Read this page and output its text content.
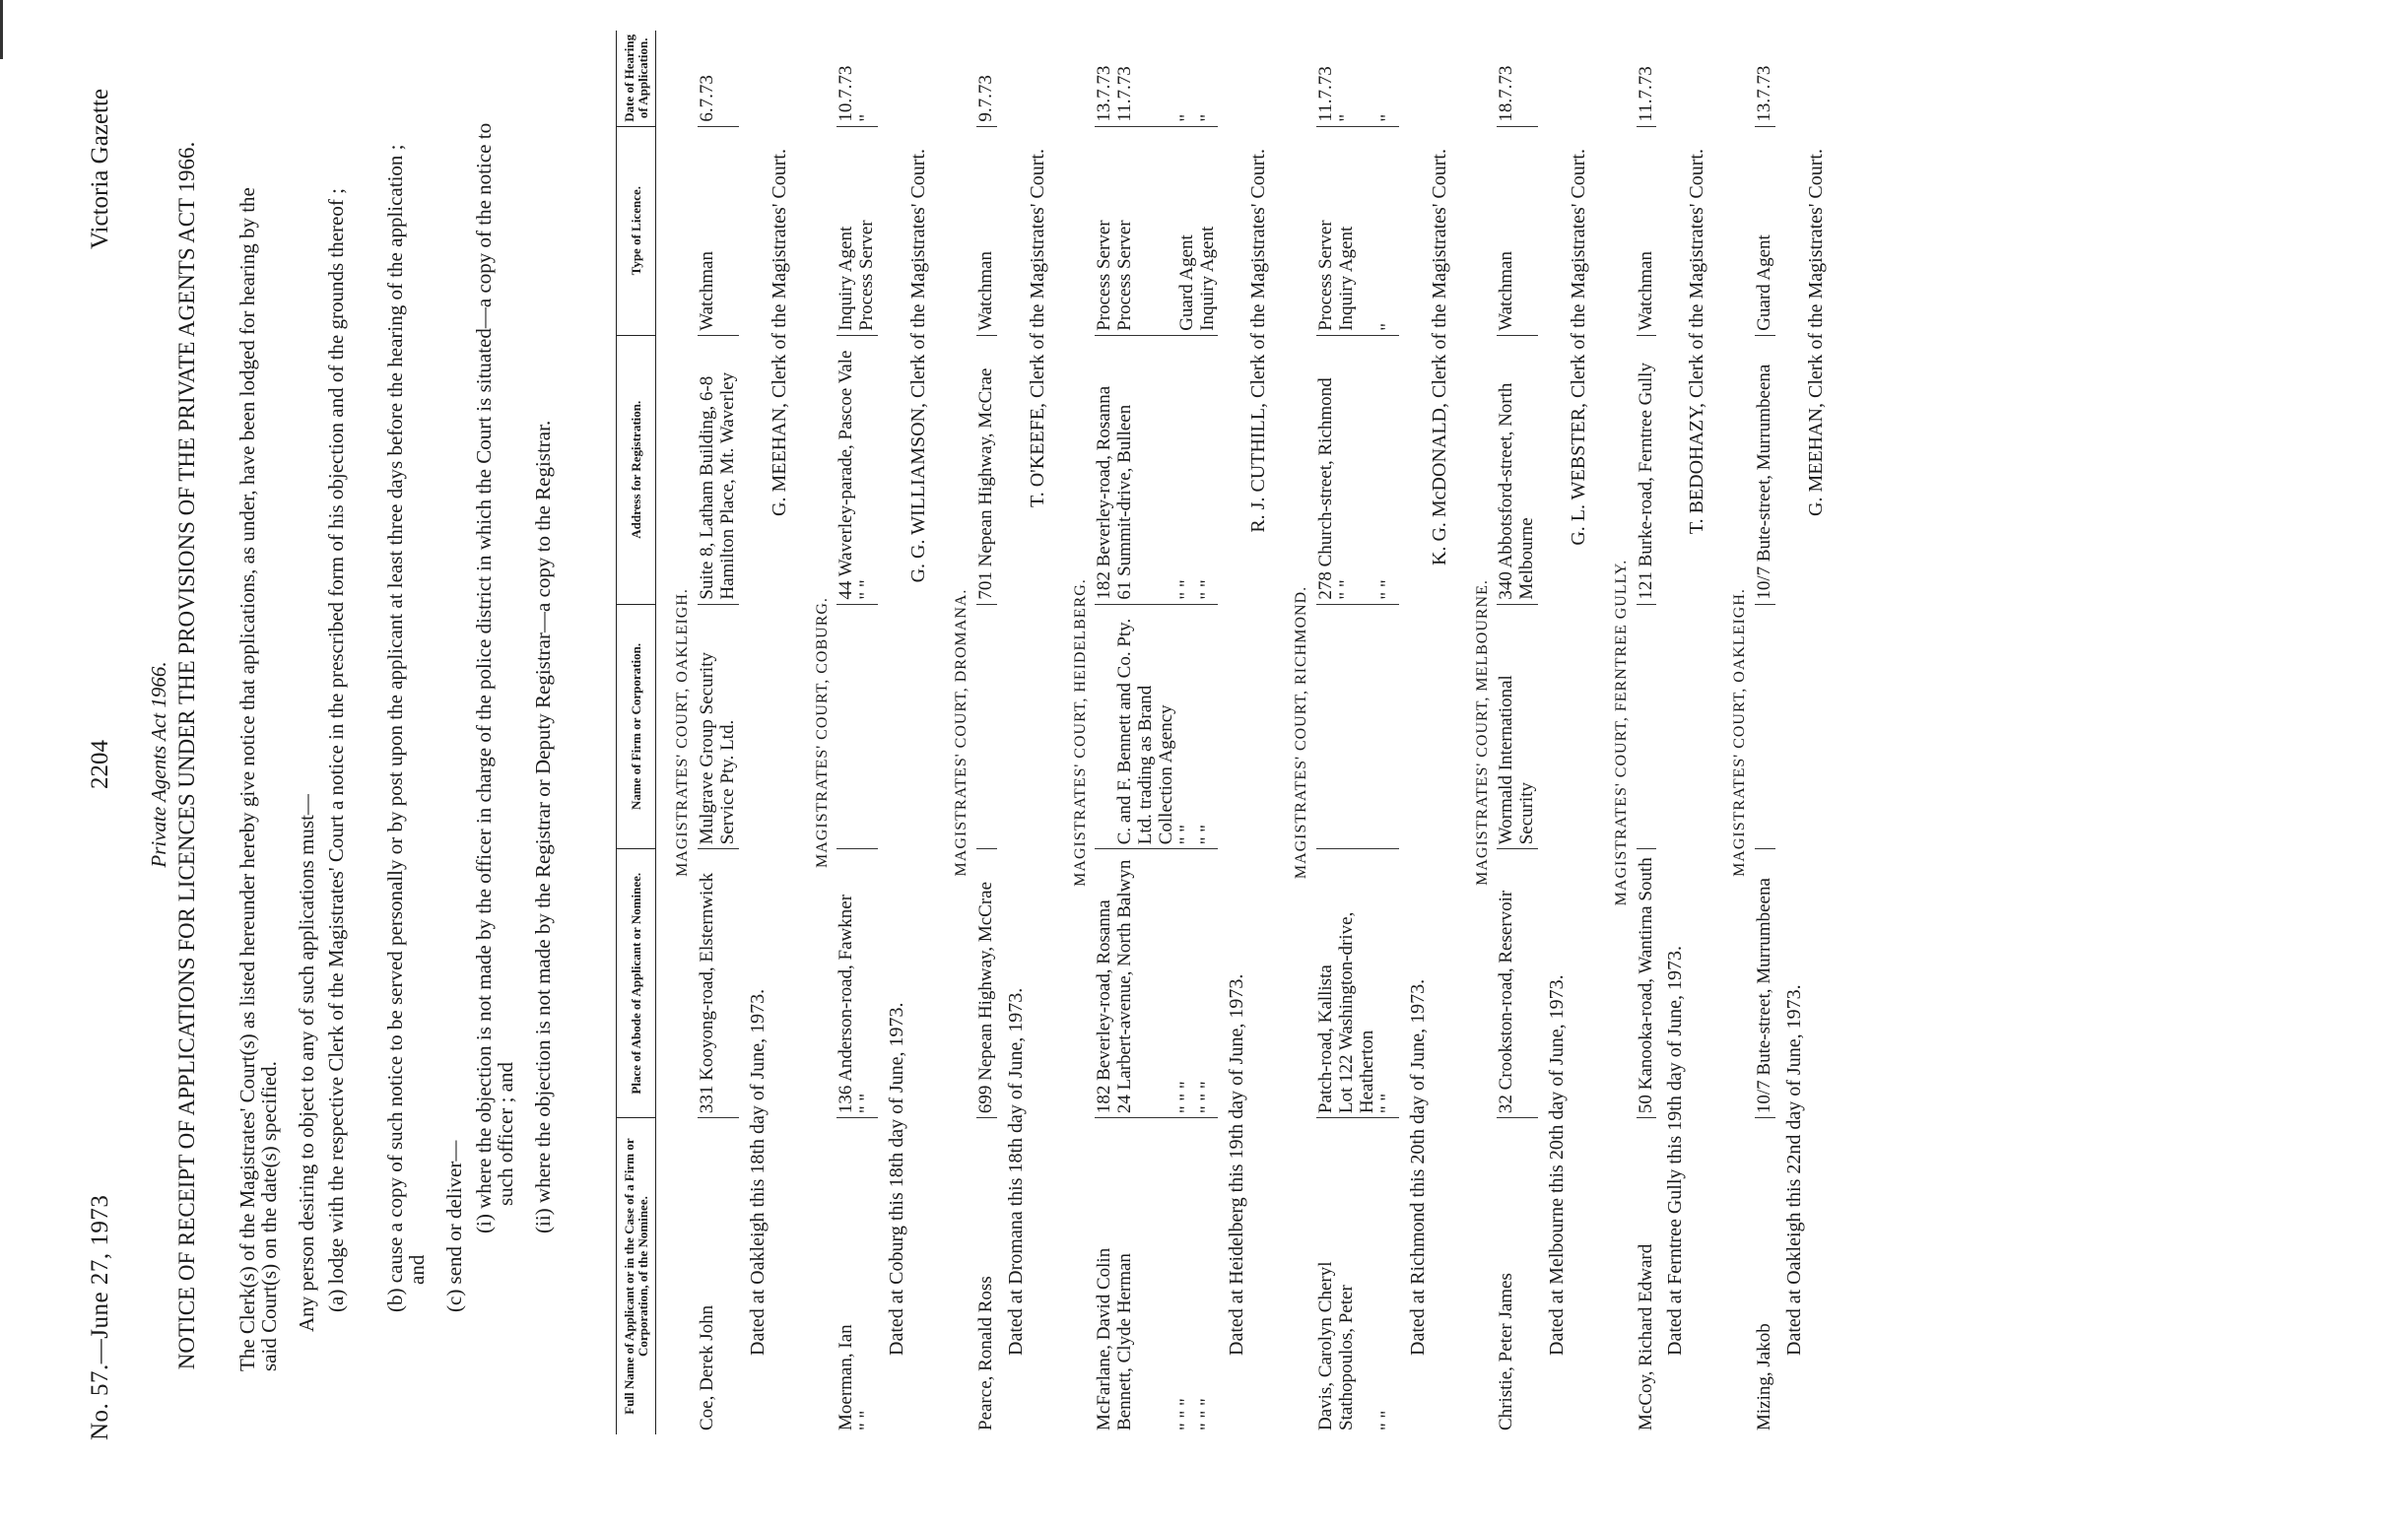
No. 57.—June 27, 1973
2204
Victoria Gazette
Private Agents Act 1966. NOTICE OF RECEIPT OF APPLICATIONS FOR LICENCES UNDER THE PROVISIONS OF THE PRIVATE AGENTS ACT 1966. The Clerk(s) of the Magistrates' Court(s) as listed hereunder hereby give notice that applications, as under, have been lodged for hearing by the said Court(s) on the date(s) specified. Any person desiring to object to any of such applications must— (a) lodge with the respective Clerk of the Magistrates' Court a notice in the prescribed form of his objection and of the grounds thereof ; (b) cause a copy of such notice to be served personally or by post upon the applicant at least three days before the hearing of the application ; and (c) send or deliver— (i) where the objection is not made by the officer in charge of the police district in which the Court is situated—a copy of the notice to such officer ; and (ii) where the objection is not made by the Registrar or Deputy Registrar—a copy to the Registrar.
Full Name of Applicant or in the Case of a Firm or Corporation, of the Nominee.	Place of Abode of Applicant or Nominee.	Name of Firm or Corporation.	Address for Registration.	Type of Licence.	Date of Hearing of Application.
MAGISTRATES' COURT, OAKLEIGH.					
Coe, Derek John	331 Kooyong-road, Elsternwick	Mulgrave Group Security Service Pty. Ltd.	Suite 8, Latham Building, 6-8 Hamilton Place, Mt. Waverley	Watchman	6.7.73
Dated at Oakleigh this 18th day of June, 1973.					
G. MEEHAN, Clerk of the Magistrates' Court.					
MAGISTRATES' COURT, COBURG.					
Moerman, Ian	136 Anderson-road, Fawkner		44 Waverley-parade, Pascoe Vale	Inquiry Agent	10.7.73
" "	" "		" "	Process Server	"
Dated at Coburg this 18th day of June, 1973.					
G. G. WILLIAMSON, Clerk of the Magistrates' Court.					
MAGISTRATES' COURT, DROMANA.					
Pearce, Ronald Ross	699 Nepean Highway, McCrae		701 Nepean Highway, McCrae	Watchman	9.7.73
Dated at Dromana this 18th day of June, 1973.					
T. O'KEEFE, Clerk of the Magistrates' Court.					
MAGISTRATES' COURT, HEIDELBERG.					
McFarlane, David Colin	182 Beverley-road, Rosanna		182 Beverley-road, Rosanna	Process Server	13.7.73
Bennett, Clyde Herman	24 Larbert-avenue, North Balwyn	C. and F. Bennett and Co. Pty. Ltd. trading as Brand Collection Agency	61 Summit-drive, Bulleen	Process Server	11.7.73
" " "	" " "	" "	" "	Guard Agent	"
" " "	" " "	" "	" "	Inquiry Agent	"
Dated at Heidelberg this 19th day of June, 1973.					
R. J. CUTHILL, Clerk of the Magistrates' Court.					
MAGISTRATES' COURT, RICHMOND.					
Davis, Carolyn Cheryl	Patch-road, Kallista		278 Church-street, Richmond	Process Server	11.7.73
Stathopoulos, Peter	Lot 122 Washington-drive, Heatherton		" "	Inquiry Agent	"
" "	" "		" "	"	"
Dated at Richmond this 20th day of June, 1973.					
K. G. McDONALD, Clerk of the Magistrates' Court.					
MAGISTRATES' COURT, MELBOURNE.					
Christie, Peter James	32 Crookston-road, Reservoir	Wormald International Security	340 Abbotsford-street, North Melbourne	Watchman	18.7.73
Dated at Melbourne this 20th day of June, 1973.					
G. L. WEBSTER, Clerk of the Magistrates' Court.					
MAGISTRATES' COURT, FERNTREE GULLY.					
McCoy, Richard Edward	50 Kanooka-road, Wantirna South		121 Burke-road, Ferntree Gully	Watchman	11.7.73
Dated at Ferntree Gully this 19th day of June, 1973.					
T. BEDOHAZY, Clerk of the Magistrates' Court.					
MAGISTRATES' COURT, OAKLEIGH.					
Mizing, Jakob	10/7 Bute-street, Murrumbeena		10/7 Bute-street, Murrumbeena	Guard Agent	13.7.73
Dated at Oakleigh this 22nd day of June, 1973.					
G. MEEHAN, Clerk of the Magistrates' Court.					
